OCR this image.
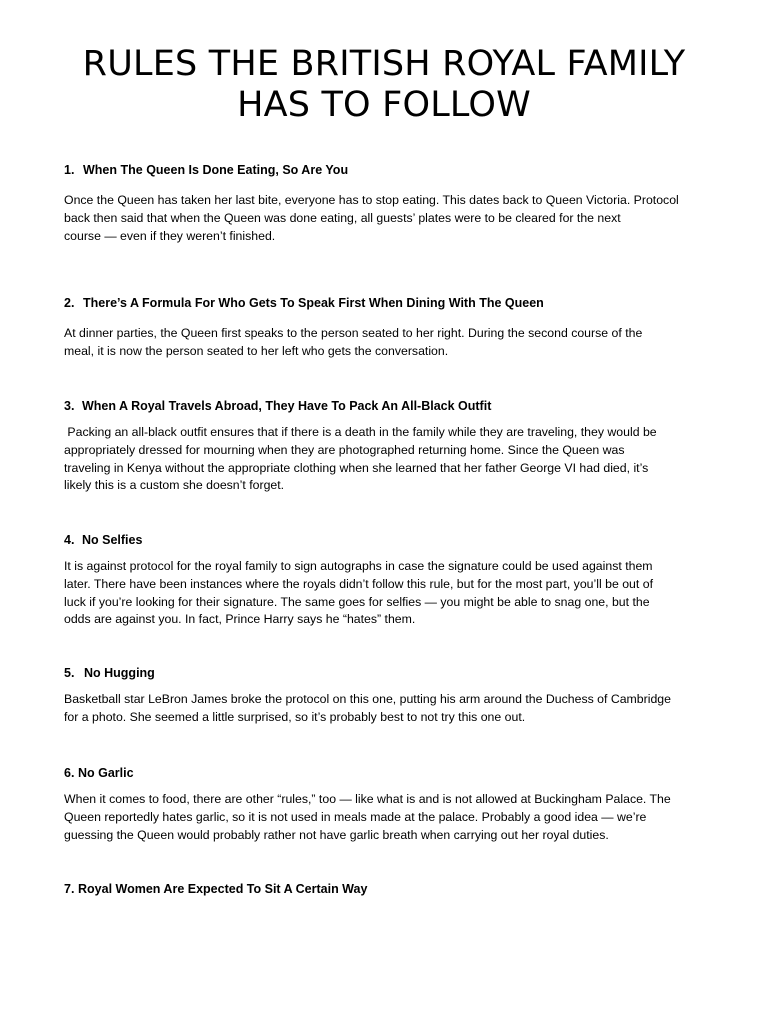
RULES THE BRITISH ROYAL FAMILY
HAS TO FOLLOW
1. When The Queen Is Done Eating, So Are You
Once the Queen has taken her last bite, everyone has to stop eating. This dates back to Queen Victoria. Protocol
back then said that when the Queen was done eating, all guests’ plates were to be cleared for the next
course — even if they weren’t finished.
2. There’s A Formula For Who Gets To Speak First When Dining With The Queen
At dinner parties, the Queen first speaks to the person seated to her right. During the second course of the
meal, it is now the person seated to her left who gets the conversation.
3. When A Royal Travels Abroad, They Have To Pack An All-Black Outfit
Packing an all-black outfit ensures that if there is a death in the family while they are traveling, they would be
appropriately dressed for mourning when they are photographed returning home. Since the Queen was
traveling in Kenya without the appropriate clothing when she learned that her father George VI had died, it’s
likely this is a custom she doesn’t forget.
4. No Selfies
It is against protocol for the royal family to sign autographs in case the signature could be used against them
later. There have been instances where the royals didn’t follow this rule, but for the most part, you’ll be out of
luck if you’re looking for their signature. The same goes for selfies — you might be able to snag one, but the
odds are against you. In fact, Prince Harry says he “hates” them.
5. No Hugging
Basketball star LeBron James broke the protocol on this one, putting his arm around the Duchess of Cambridge
for a photo. She seemed a little surprised, so it’s probably best to not try this one out.
6. No Garlic
When it comes to food, there are other “rules,” too — like what is and is not allowed at Buckingham Palace. The
Queen reportedly hates garlic, so it is not used in meals made at the palace. Probably a good idea — we’re
guessing the Queen would probably rather not have garlic breath when carrying out her royal duties.
7. Royal Women Are Expected To Sit A Certain Way
